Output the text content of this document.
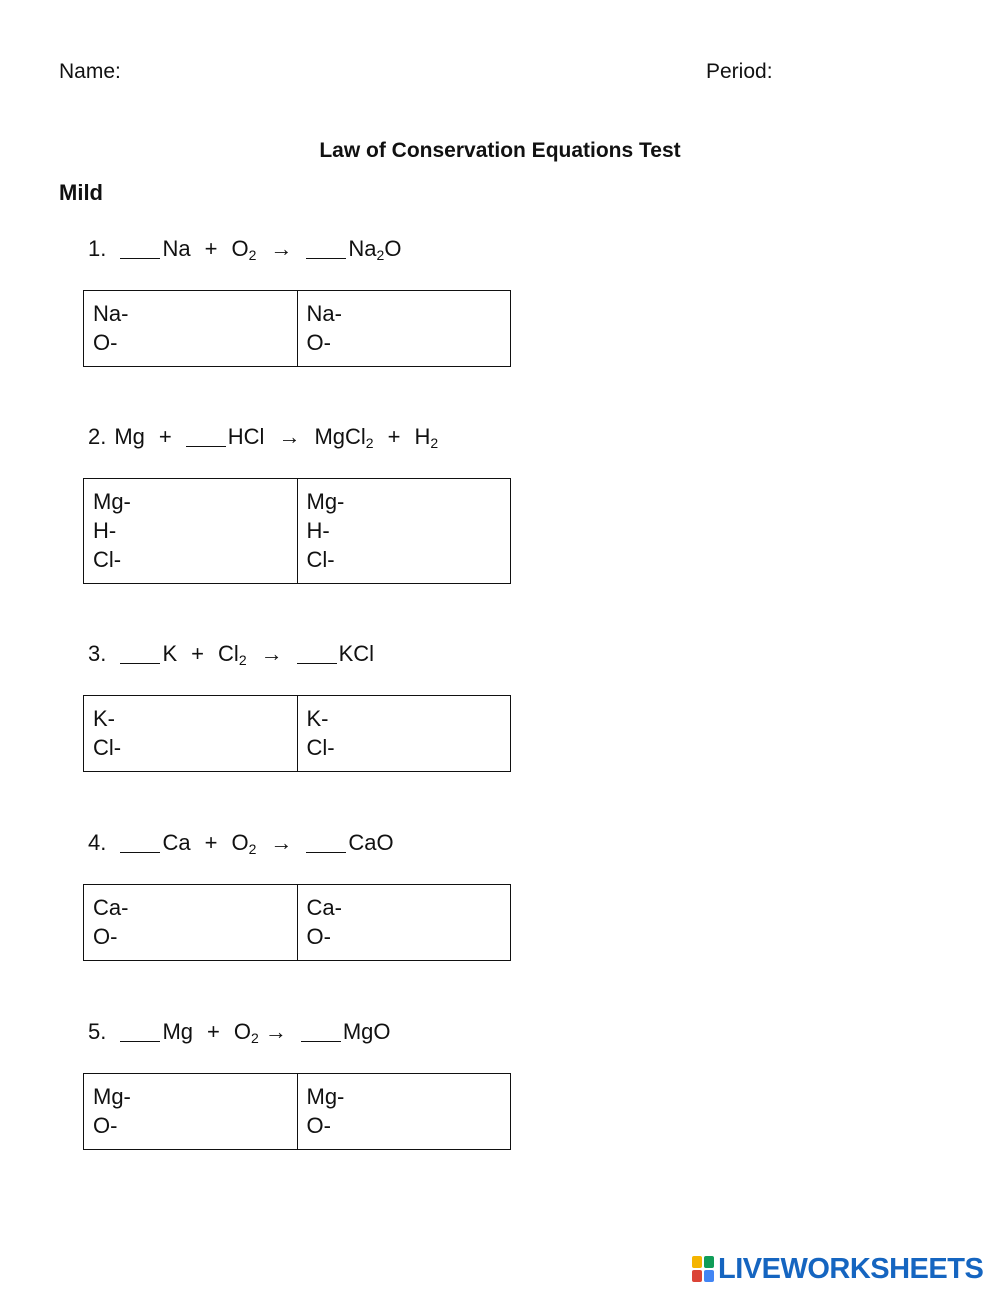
Name:	Period:
Law of Conservation Equations Test
Mild
1.	$Na + O_2$ →	$Na_2O$
Na-
O-

Na-
O-
2. Mg +	HCl → MgCl$_2$ + $H_2$
Mg-
H-
Cl-

Mg-
H-
Cl-
3.	$K + Cl_2$ →	KCl
K-
Cl-

K-
Cl-
4.	$Ca + O_2$ →	CaO
Ca-
O-

Ca-
O-
5.	$Mg + O_2$ →	MgO
Mg-
O-

Mg-
O-
LIVEWORKSHEETS
